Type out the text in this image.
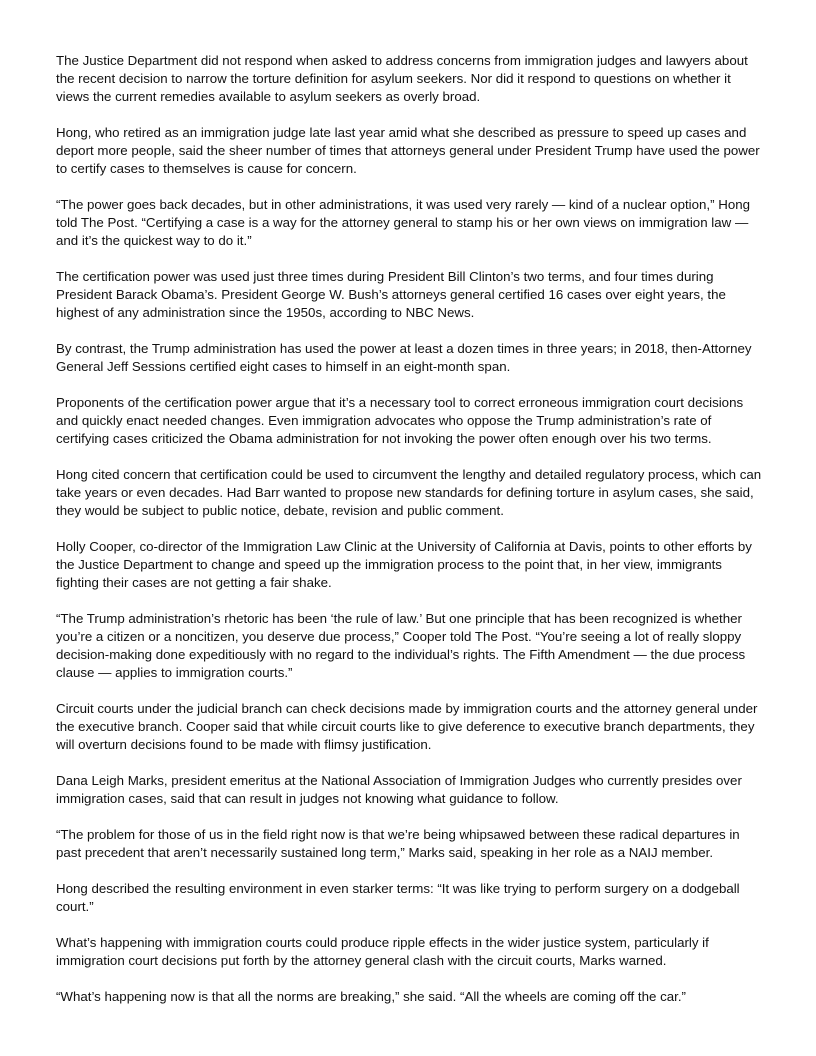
The Justice Department did not respond when asked to address concerns from immigration judges and lawyers about the recent decision to narrow the torture definition for asylum seekers. Nor did it respond to questions on whether it views the current remedies available to asylum seekers as overly broad.

Hong, who retired as an immigration judge late last year amid what she described as pressure to speed up cases and deport more people, said the sheer number of times that attorneys general under President Trump have used the power to certify cases to themselves is cause for concern.

“The power goes back decades, but in other administrations, it was used very rarely — kind of a nuclear option,” Hong told The Post. “Certifying a case is a way for the attorney general to stamp his or her own views on immigration law — and it’s the quickest way to do it.”

The certification power was used just three times during President Bill Clinton’s two terms, and four times during President Barack Obama’s. President George W. Bush’s attorneys general certified 16 cases over eight years, the highest of any administration since the 1950s, according to NBC News.

By contrast, the Trump administration has used the power at least a dozen times in three years; in 2018, then-Attorney General Jeff Sessions certified eight cases to himself in an eight-month span.

Proponents of the certification power argue that it’s a necessary tool to correct erroneous immigration court decisions and quickly enact needed changes. Even immigration advocates who oppose the Trump administration’s rate of certifying cases criticized the Obama administration for not invoking the power often enough over his two terms.

Hong cited concern that certification could be used to circumvent the lengthy and detailed regulatory process, which can take years or even decades. Had Barr wanted to propose new standards for defining torture in asylum cases, she said, they would be subject to public notice, debate, revision and public comment.

Holly Cooper, co-director of the Immigration Law Clinic at the University of California at Davis, points to other efforts by the Justice Department to change and speed up the immigration process to the point that, in her view, immigrants fighting their cases are not getting a fair shake.

“The Trump administration’s rhetoric has been ‘the rule of law.’ But one principle that has been recognized is whether you’re a citizen or a noncitizen, you deserve due process,” Cooper told The Post. “You’re seeing a lot of really sloppy decision-making done expeditiously with no regard to the individual’s rights. The Fifth Amendment — the due process clause — applies to immigration courts.”

Circuit courts under the judicial branch can check decisions made by immigration courts and the attorney general under the executive branch. Cooper said that while circuit courts like to give deference to executive branch departments, they will overturn decisions found to be made with flimsy justification.

Dana Leigh Marks, president emeritus at the National Association of Immigration Judges who currently presides over immigration cases, said that can result in judges not knowing what guidance to follow.

“The problem for those of us in the field right now is that we’re being whipsawed between these radical departures in past precedent that aren’t necessarily sustained long term,” Marks said, speaking in her role as a NAIJ member.

Hong described the resulting environment in even starker terms: “It was like trying to perform surgery on a dodgeball court.”

What’s happening with immigration courts could produce ripple effects in the wider justice system, particularly if immigration court decisions put forth by the attorney general clash with the circuit courts, Marks warned.

“What’s happening now is that all the norms are breaking,” she said. “All the wheels are coming off the car.”
